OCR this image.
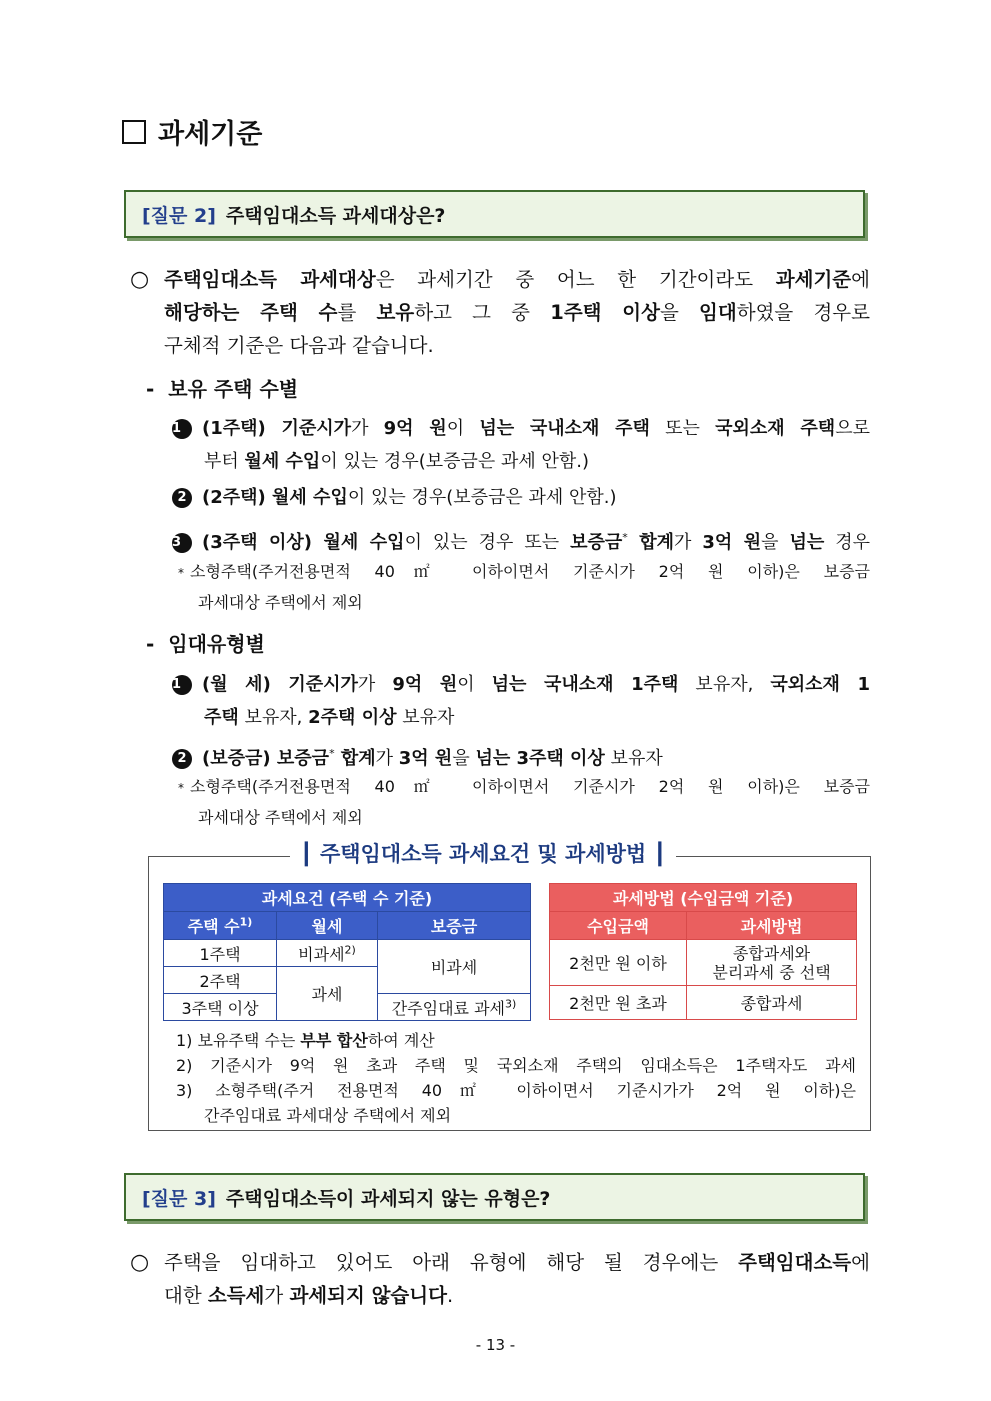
과세기준
[질문 2] 주택임대소득 과세대상은?
○ 주택임대소득 과세대상은 과세기간 중 어느 한 기간이라도 과세기준에
해당하는 주택 수를 보유하고 그 중 1주택 이상을 임대하였을 경우로
구체적 기준은 다음과 같습니다.
- 보유 주택 수별
1 (1주택) 기준시가가 9억 원이 넘는 국내소재 주택 또는 국외소재 주택으로
부터 월세 수입이 있는 경우(보증금은 과세 안함.)
2 (2주택) 월세 수입이 있는 경우(보증금은 과세 안함.)
3 (3주택 이상) 월세 수입이 있는 경우 또는 보증금* 합계가 3억 원을 넘는 경우
* 소형주택(주거전용면적 40㎡ 이하이면서 기준시가 2억 원 이하)은 보증금
과세대상 주택에서 제외
- 임대유형별
1 (월 세) 기준시가가 9억 원이 넘는 국내소재 1주택 보유자, 국외소재 1
주택 보유자, 2주택 이상 보유자
2 (보증금) 보증금* 합계가 3억 원을 넘는 3주택 이상 보유자
* 소형주택(주거전용면적 40㎡ 이하이면서 기준시가 2억 원 이하)은 보증금
과세대상 주택에서 제외
┃ 주택임대소득 과세요건 및 과세방법 ┃
과세요건 (주택 수 기준)		
주택 수$^{1)}$	월세	보증금
1주택	비과세$^{2)}$	비과세
2주택	과세	
3주택 이상		간주임대료 과세$^{3)}$
과세방법 (수입금액 기준)	
수입금액	과세방법
2천만 원 이하	종합과세와
분리과세 중 선택

2천만 원 초과	종합과세
1) 보유주택 수는 부부 합산하여 계산
2) 기준시가 9억 원 초과 주택 및 국외소재 주택의 임대소득은 1주택자도 과세
3) 소형주택(주거 전용면적 40㎡ 이하이면서 기준시가가 2억 원 이하)은
간주임대료 과세대상 주택에서 제외
[질문 3] 주택임대소득이 과세되지 않는 유형은?
○ 주택을 임대하고 있어도 아래 유형에 해당 될 경우에는 주택임대소득에
대한 소득세가 과세되지 않습니다.
- 13 -
